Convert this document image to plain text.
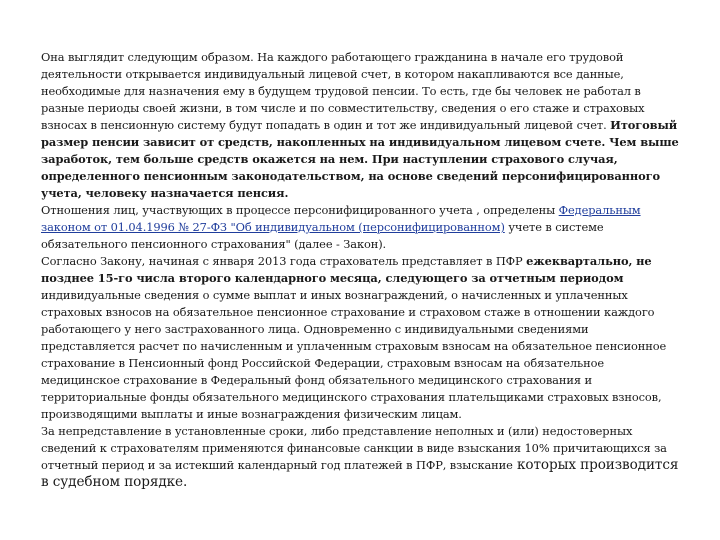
Она выглядит следующим образом. На каждого работающего гражданина в начале его трудовой деятельности открывается индивидуальный лицевой счет, в котором накапливаются все данные, необходимые для назначения ему в будущем трудовой пенсии. То есть, где бы человек не работал в разные периоды своей жизни, в том числе и по совместительству, сведения о его стаже и страховых взносах в пенсионную систему будут попадать в один и тот же индивидуальный лицевой счет. Итоговый размер пенсии зависит от средств, накопленных на индивидуальном лицевом счете. Чем выше заработок, тем больше средств окажется на нем. При наступлении страхового случая, определенного пенсионным законодательством, на основе сведений персонифицированного учета, человеку назначается пенсия.

Отношения лиц, участвующих в процессе персонифицированного учета , определены Федеральным законом от 01.04.1996 № 27-ФЗ "Об индивидуальном (персонифицированном) учете в системе обязательного пенсионного страхования" (далее - Закон).

Согласно Закону, начиная с января 2013 года страхователь представляет в ПФР ежеквартально, не позднее 15-го числа второго календарного месяца, следующего за отчетным периодом индивидуальные сведения о сумме выплат и иных вознаграждений, о начисленных и уплаченных страховых взносов на обязательное пенсионное страхование и страховом стаже в отношении каждого работающего у него застрахованного лица. Одновременно с индивидуальными сведениями представляется расчет по начисленным и уплаченным страховым взносам на обязательное пенсионное страхование в Пенсионный фонд Российской Федерации, страховым взносам на обязательное медицинское страхование в Федеральный фонд обязательного медицинского страхования и территориальные фонды обязательного медицинского страхования плательщиками страховых взносов, производящими выплаты и иные вознаграждения физическим лицам.

За непредставление в установленные сроки, либо представление неполных и (или) недостоверных сведений к страхователям применяются финансовые санкции в виде взыскания 10% причитающихся за отчетный период и за истекший календарный год платежей в ПФР, взыскание которых производится в судебном порядке.
